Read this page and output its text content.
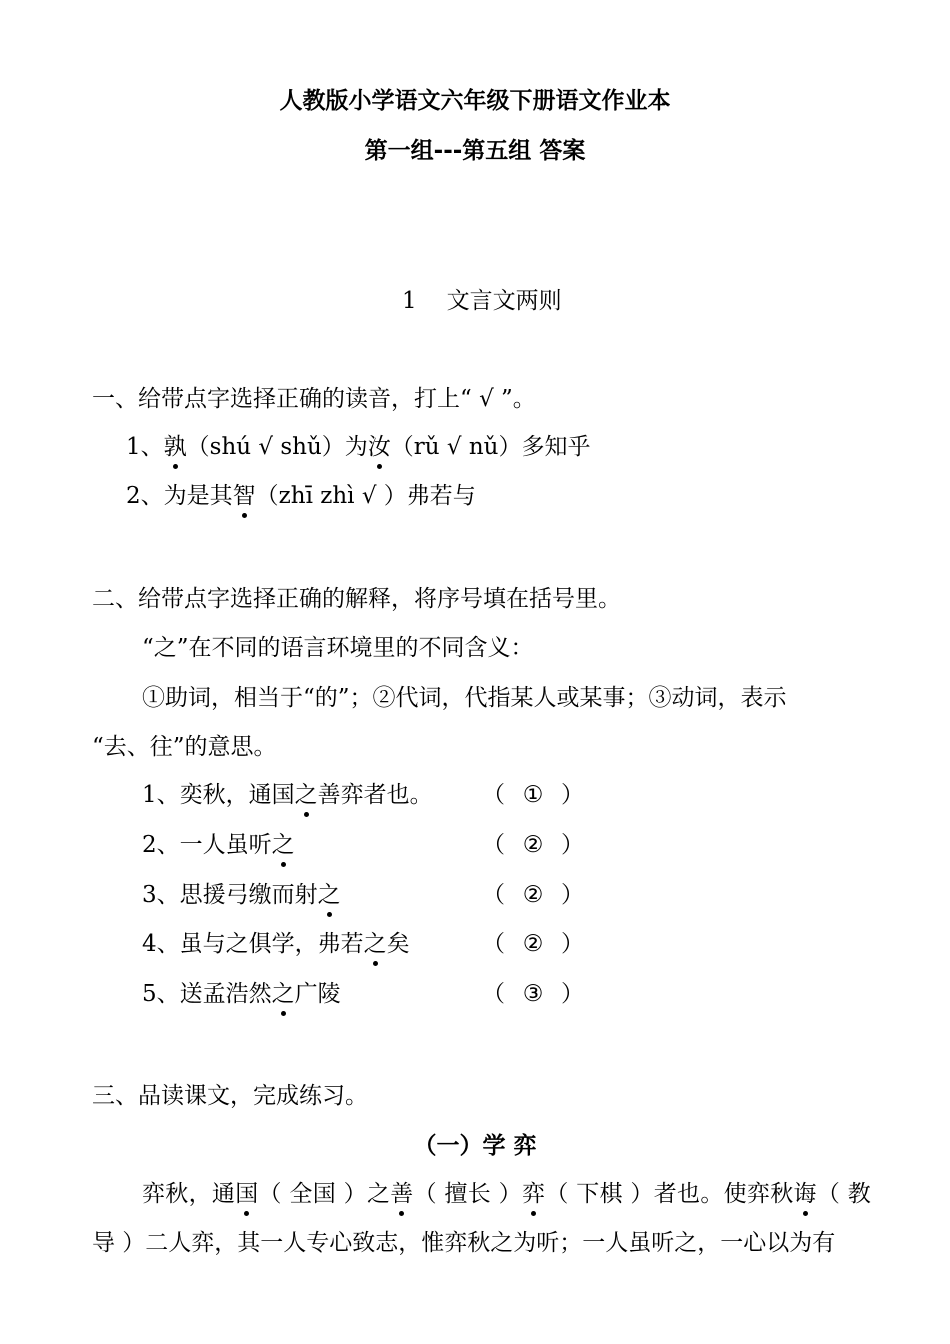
人教版小学语文六年级下册语文作业本
第一组---第五组 答案
1 文言文两则
一、给带点字选择正确的读音，打上“ √ ”。
1、孰（shú √ shǔ）为汝（rǔ √ nǔ）多知乎
2、为是其智（zhī zhì √ ）弗若与
二、给带点字选择正确的解释，将序号填在括号里。
“之”在不同的语言环境里的不同含义：
①助词，相当于“的”；②代词，代指某人或某事；③动词，表示
“去、往”的意思。
1、奕秋，通国之善弈者也。 （ ① ）
2、一人虽听之	（ ② ）
3、思援弓缴而射之	（ ② ）
4、虽与之俱学，弗若之矣	（ ② ）
5、送孟浩然之广陵	（ ③ ）
三、品读课文，完成练习。
（一）学 弈
弈秋，通国（ 全国 ）之善（ 擅长 ）弈（ 下棋 ）者也。使弈秋诲（ 教
导 ）二人弈，其一人专心致志，惟弈秋之为听；一人虽听之，一心以为有
